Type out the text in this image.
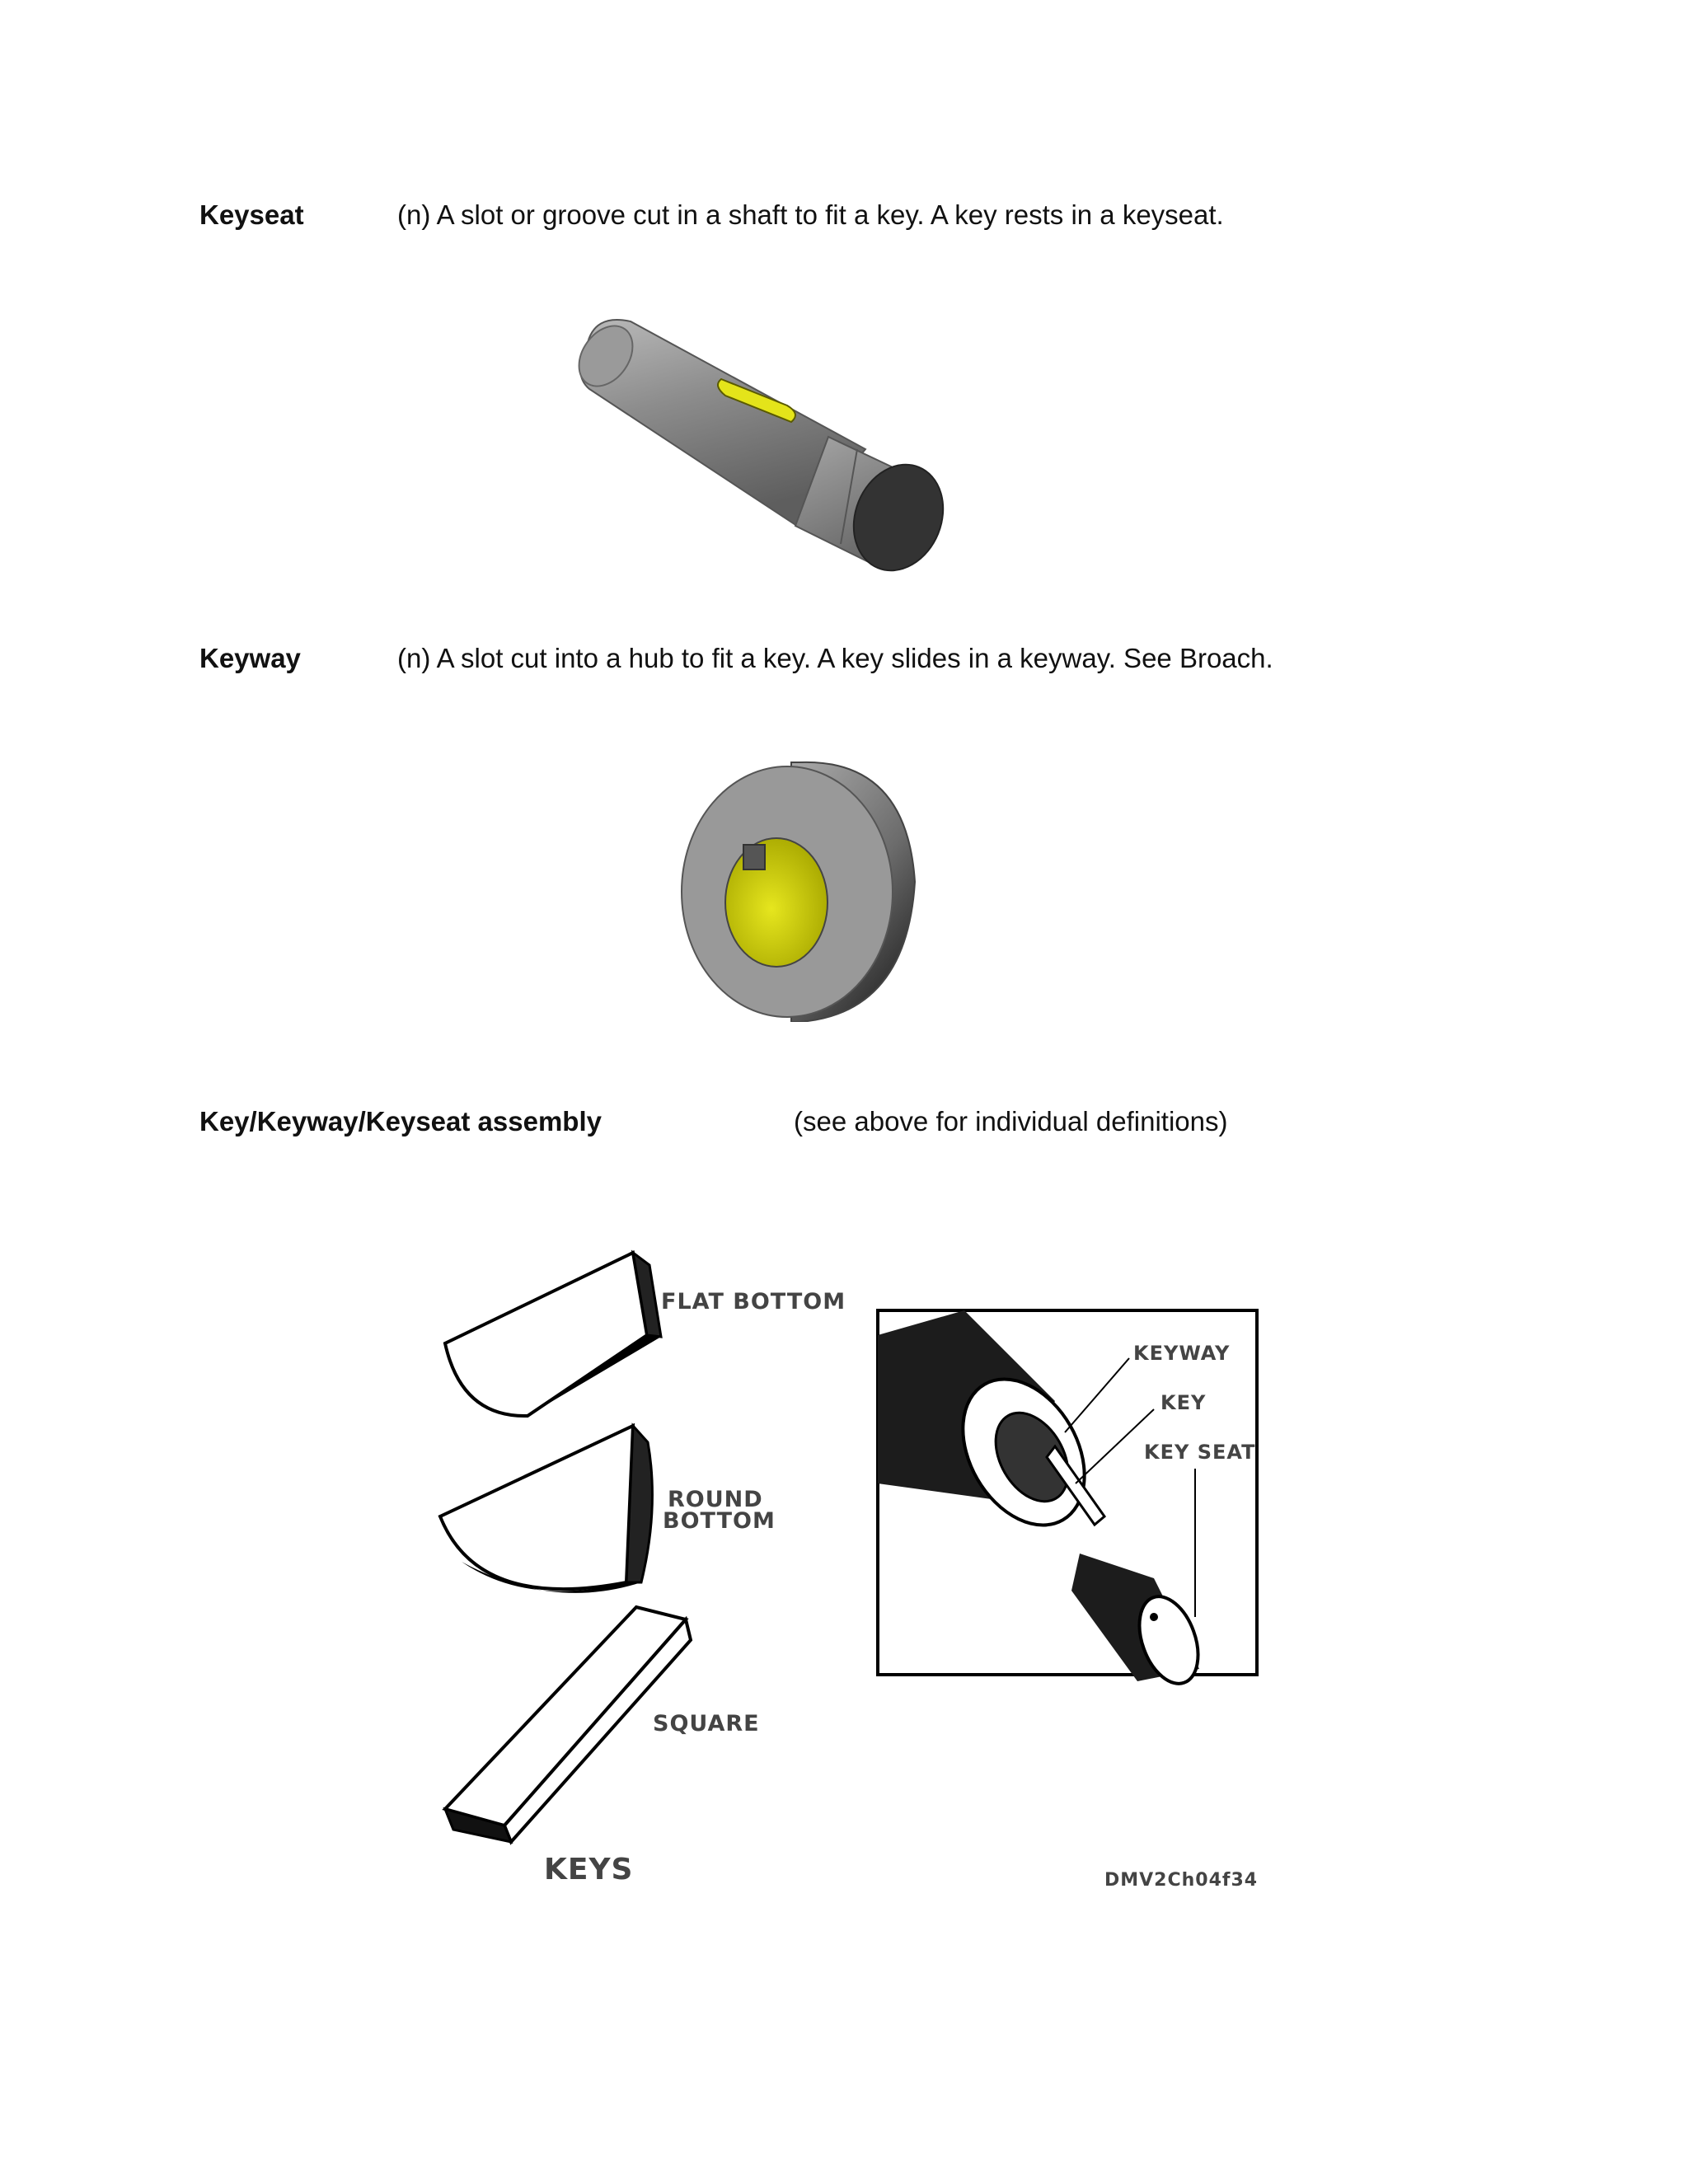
Keyseat	(n) A slot or groove cut in a shaft to fit a key. A key rests in a keyseat.
Keyway	(n) A slot cut into a hub to fit a key. A key slides in a keyway. See Broach.
Key/Keyway/Keyseat assembly	(see above for individual definitions)
FLAT BOTTOM
ROUND
BOTTOM
SQUARE
KEYS
KEYWAY
KEY
KEY SEAT
DMV2Ch04f34
